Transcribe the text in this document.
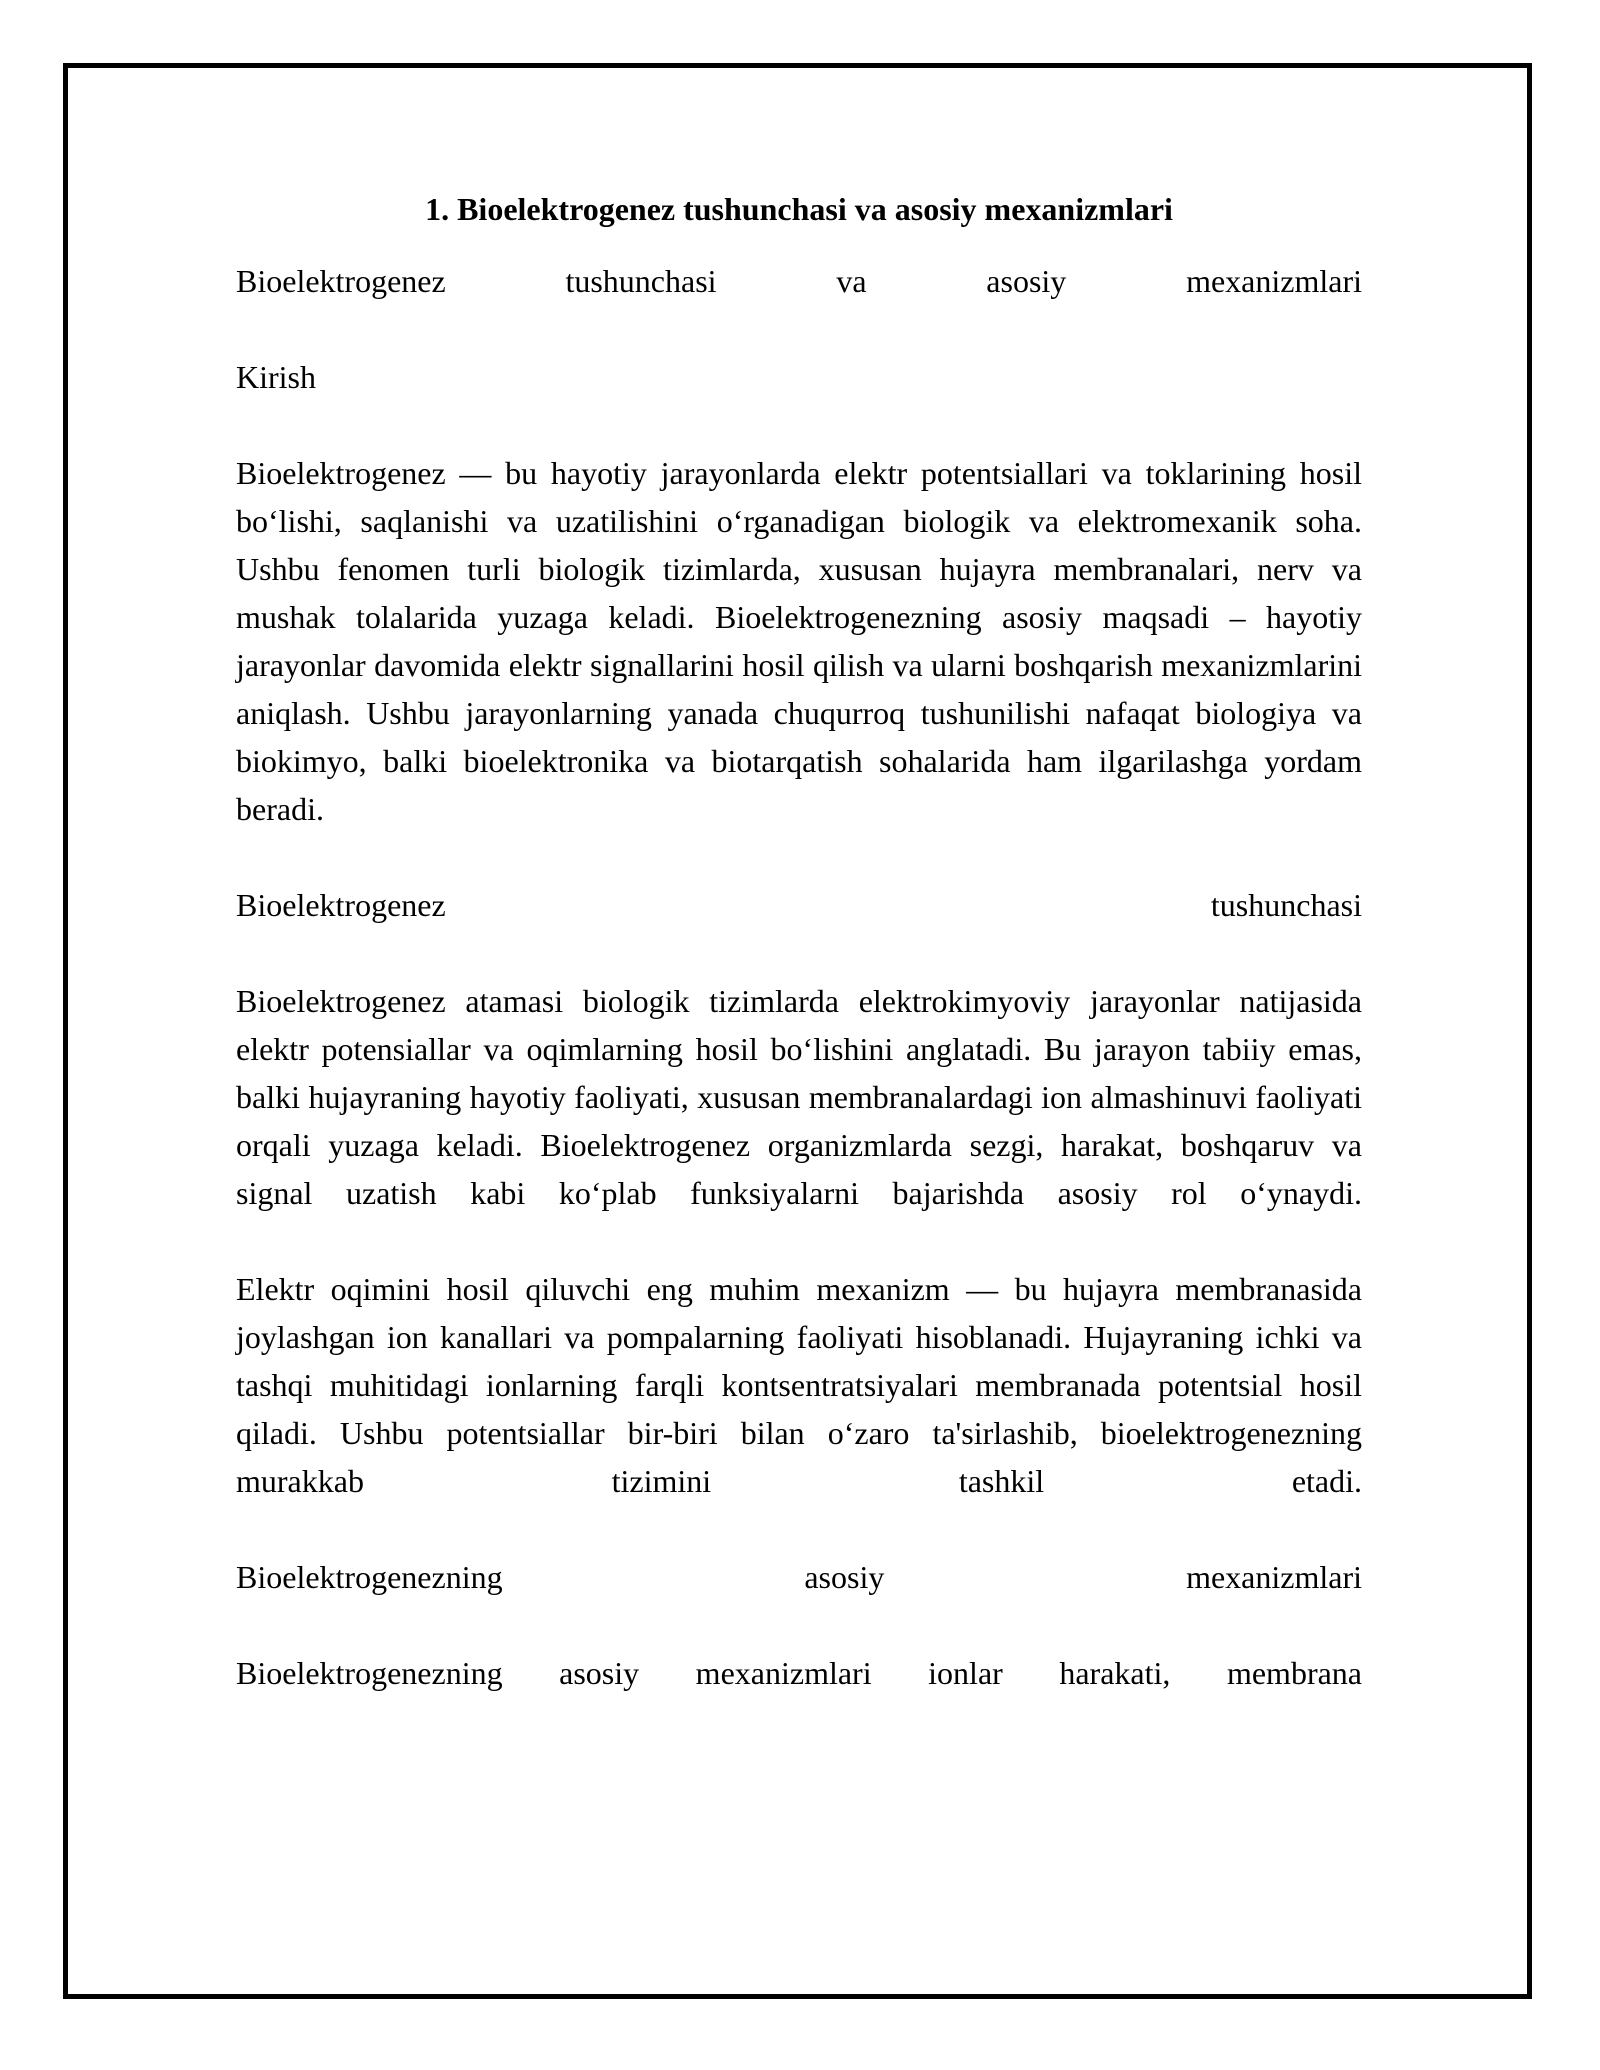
1. Bioelektrogenez tushunchasi va asosiy mexanizmlari
Bioelektrogenez tushunchasi va asosiy mexanizmlari
Kirish
Bioelektrogenez — bu hayotiy jarayonlarda elektr potentsiallari va toklarining hosil bo‘lishi, saqlanishi va uzatilishini o‘rganadigan biologik va elektromexanik soha. Ushbu fenomen turli biologik tizimlarda, xususan hujayra membranalari, nerv va mushak tolalarida yuzaga keladi. Bioelektrogenezning asosiy maqsadi – hayotiy jarayonlar davomida elektr signallarini hosil qilish va ularni boshqarish mexanizmlarini aniqlash. Ushbu jarayonlarning yanada chuqurroq tushunilishi nafaqat biologiya va biokimyo, balki bioelektronika va biotarqatish sohalarida ham ilgarilashga yordam beradi.
Bioelektrogenez tushunchasi
Bioelektrogenez atamasi biologik tizimlarda elektrokimyoviy jarayonlar natijasida elektr potensiallar va oqimlarning hosil bo‘lishini anglatadi. Bu jarayon tabiiy emas, balki hujayraning hayotiy faoliyati, xususan membranalardagi ion almashinuvi faoliyati orqali yuzaga keladi. Bioelektrogenez organizmlarda sezgi, harakat, boshqaruv va signal uzatish kabi ko‘plab funksiyalarni bajarishda asosiy rol o‘ynaydi.
Elektr oqimini hosil qiluvchi eng muhim mexanizm — bu hujayra membranasida joylashgan ion kanallari va pompalarning faoliyati hisoblanadi. Hujayraning ichki va tashqi muhitidagi ionlarning farqli kontsentratsiyalari membranada potentsial hosil qiladi. Ushbu potentsiallar bir-biri bilan o‘zaro ta'sirlashib, bioelektrogenezning murakkab tizimini tashkil etadi.
Bioelektrogenezning asosiy mexanizmlari
Bioelektrogenezning asosiy mexanizmlari ionlar harakati, membrana
